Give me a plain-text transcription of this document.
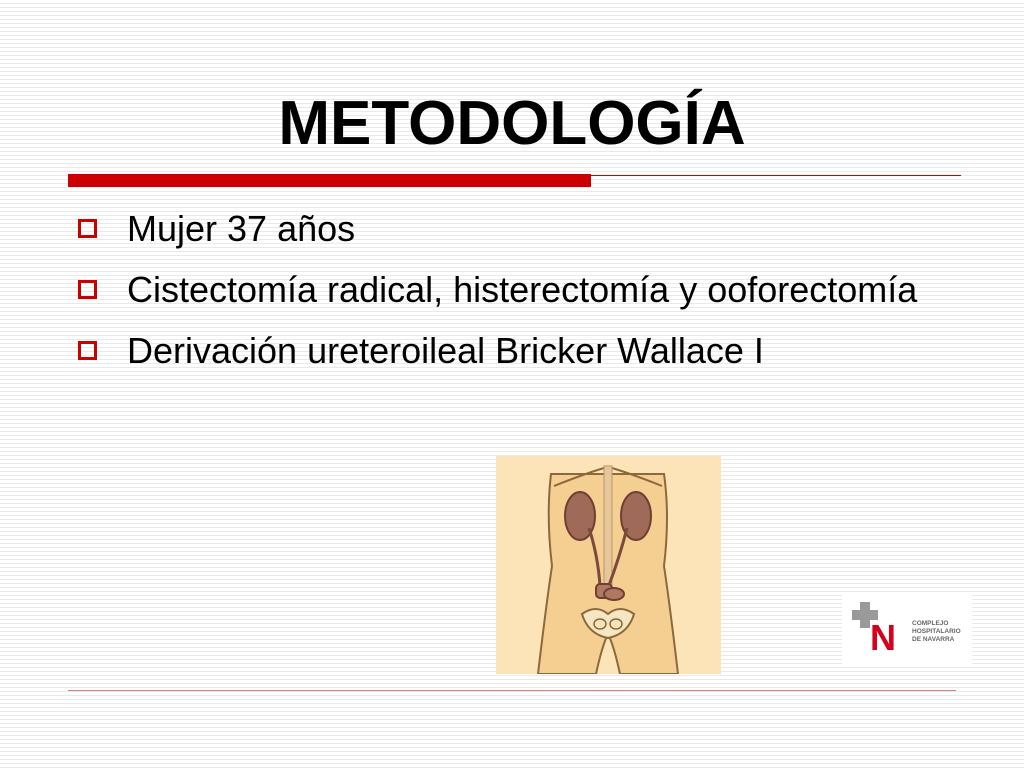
METODOLOGÍA
Mujer 37 años
Cistectomía radical, histerectomía y ooforectomía
Derivación ureteroileal Bricker Wallace I
N COMPLEJO
HOSPITALARIO
DE NAVARRA
